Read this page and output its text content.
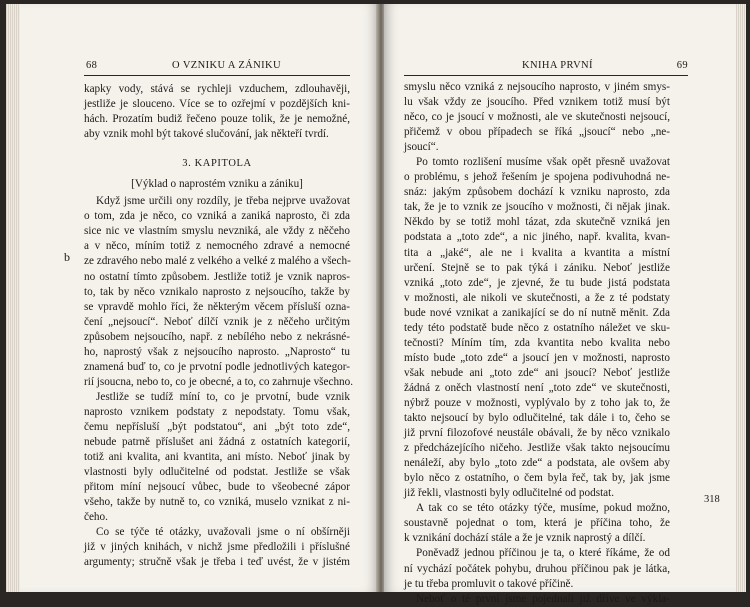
68	O VZNIKU A ZÁNIKU
kapky vody, stává se rychleji vzduchem, zdlouhavěji,
jestliže je slouceno. Více se to ozřejmí v pozdějších kni-
hách. Prozatím budiž řečeno pouze tolik, že je nemožné,
aby vznik mohl být takové slučování, jak někteří tvrdí.
3. KAPITOLA
[Výklad o naprostém vzniku a zániku]
Když jsme určili ony rozdíly, je třeba nejprve uvažovat
o tom, zda je něco, co vzniká a zaniká naprosto, či zda
sice nic ve vlastním smyslu nevzniká, ale vždy z něčeho
a v něco, míním totiž z nemocného zdravé a nemocné
ze zdravého nebo malé z velkého a velké z malého a všech-
no ostatní tímto způsobem. Jestliže totiž je vznik napros-
to, tak by něco vznikalo naprosto z nejsoucího, takže by
se vpravdě mohlo říci, že některým věcem přísluší ozna-
čení „nejsoucí“. Neboť dílčí vznik je z něčeho určitým
způsobem nejsoucího, např. z nebílého nebo z nekrásné-
ho, naprostý však z nejsoucího naprosto. „Naprosto“ tu
znamená buď to, co je prvotní podle jednotlivých kategor-
rií jsoucna, nebo to, co je obecné, a to, co zahrnuje všechno.
Jestliže se tudíž míní to, co je prvotní, bude vznik
naprosto vznikem podstaty z nepodstaty. Tomu však,
čemu nepřísluší „být podstatou“, ani „být toto zde“,
nebude patrně příslušet ani žádná z ostatních kategorií,
totiž ani kvalita, ani kvantita, ani místo. Neboť jinak by
vlastnosti byly odlučitelné od podstat. Jestliže se však
přitom míní nejsoucí vůbec, bude to všeobecné zápor
všeho, takže by nutně to, co vzniká, muselo vznikat z ni-
čeho.
Co se týče té otázky, uvažovali jsme o ní obšírněji
již v jiných knihách, v nichž jsme předložili i příslušné
argumenty; stručně však je třeba i teď uvést, že v jistém
b
KNIHA PRVNÍ	69
smyslu něco vzniká z nejsoucího naprosto, v jiném smys-
lu však vždy ze jsoucího. Před vznikem totiž musí být
něco, co je jsoucí v možnosti, ale ve skutečnosti nejsoucí,
přičemž v obou případech se říká „jsoucí“ nebo „ne-
jsoucí“.
Po tomto rozlišení musíme však opět přesně uvažovat
o problému, s jehož řešením je spojena podivuhodná ne-
snáz: jakým způsobem dochází k vzniku naprosto, zda
tak, že je to vznik ze jsoucího v možnosti, či nějak jinak.
Někdo by se totiž mohl tázat, zda skutečně vzniká jen
podstata a „toto zde“, a nic jiného, např. kvalita, kvan-
tita a „jaké“, ale ne i kvalita a kvantita a místní
určení. Stejně se to pak týká i zániku. Neboť jestliže
vzniká „toto zde“, je zjevné, že tu bude jistá podstata
v možnosti, ale nikoli ve skutečnosti, a že z té podstaty
bude nové vznikat a zanikající se do ní nutně měnit. Zda
tedy této podstatě bude něco z ostatního náležet ve sku-
tečnosti? Míním tím, zda kvantita nebo kvalita nebo
místo bude „toto zde“ a jsoucí jen v možnosti, naprosto
však nebude ani „toto zde“ ani jsoucí? Neboť jestliže
žádná z oněch vlastností není „toto zde“ ve skutečnosti,
nýbrž pouze v možnosti, vyplývalo by z toho jak to, že
takto nejsoucí by bylo odlučitelné, tak dále i to, čeho se
již první filozofové neustále obávali, že by něco vznikalo
z předcházejícího ničeho. Jestliže však takto nejsoucímu
nenáleží, aby bylo „toto zde“ a podstata, ale ovšem aby
bylo něco z ostatního, o čem byla řeč, tak by, jak jsme
již řekli, vlastnosti byly odlučitelné od podstat.
A tak co se této otázky týče, musíme, pokud možno,
soustavně pojednat o tom, která je příčina toho, že
k vznikání dochází stále a že je vznik naprostý a dílčí.
Poněvadž jednou příčinou je ta, o které říkáme, že od
ní vychází počátek pohybu, druhou příčinou pak je látka,
je tu třeba promluvit o takové příčině.
Neboť o té první jsme pojednali již dříve ve výkla-
318
